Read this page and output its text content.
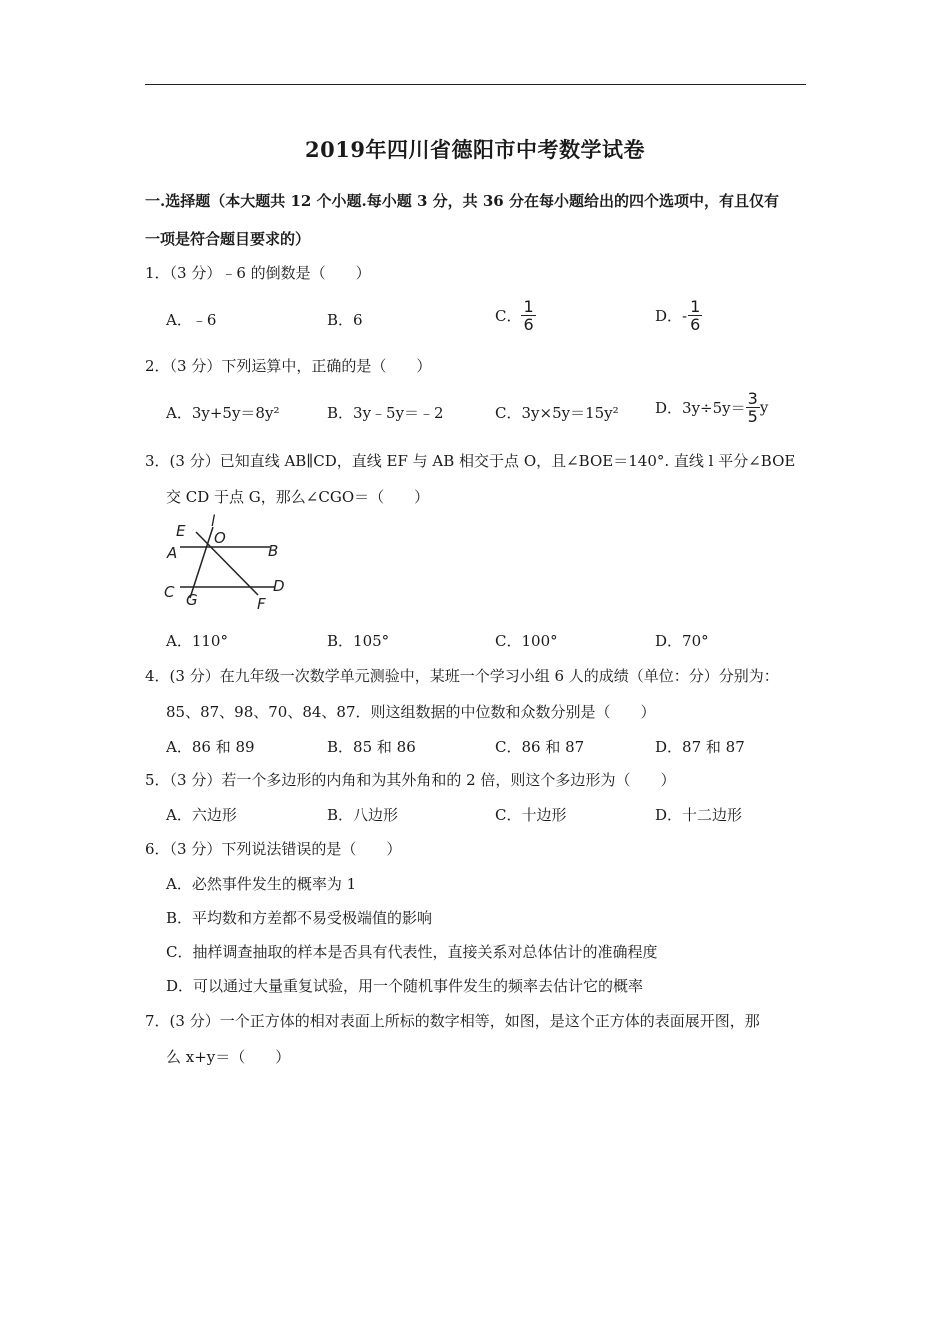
2019年四川省德阳市中考数学试卷
一.选择题（本大题共 12 个小题.每小题 3 分，共 36 分在每小题给出的四个选项中，有且仅有
一项是符合题目要求的）
1．（3 分）﹣6 的倒数是（　　）
A．﹣6	B．6	C． $\frac{1}{6}$	D．- $\frac{1}{6}$
2．（3 分）下列运算中，正确的是（　　）
A．3y+5y＝8y²	B．3y﹣5y＝﹣2	C．3y×5y＝15y² D．$3y\div 5y= \frac{3}{5}$ y
3．(3 分）已知直线 AB∥CD，直线 EF 与 AB 相交于点 O，且∠BOE＝140°. 直线 l 平分∠BOE
交 CD 于点 G，那么∠CGO＝（　　）
E
l
O
A	B
C G
D
F
A．110°	B．105°	C．100°	D．70°
4．(3 分）在九年级一次数学单元测验中，某班一个学习小组 6 人的成绩（单位：分）分别为：
85、87、98、70、84、87．则这组数据的中位数和众数分别是（　　）
A．86 和 89	B．85 和 86	C．86 和 87	D．87 和 87
5．（3 分）若一个多边形的内角和为其外角和的 2 倍，则这个多边形为（　　）
A．六边形	B．八边形	C．十边形	D．十二边形
6．（3 分）下列说法错误的是（　　）
A．必然事件发生的概率为 1
B．平均数和方差都不易受极端值的影响
C．抽样调查抽取的样本是否具有代表性，直接关系对总体估计的准确程度
D．可以通过大量重复试验，用一个随机事件发生的频率去估计它的概率
7．(3 分）一个正方体的相对表面上所标的数字相等，如图，是这个正方体的表面展开图，那
么 x+y＝（　　）
